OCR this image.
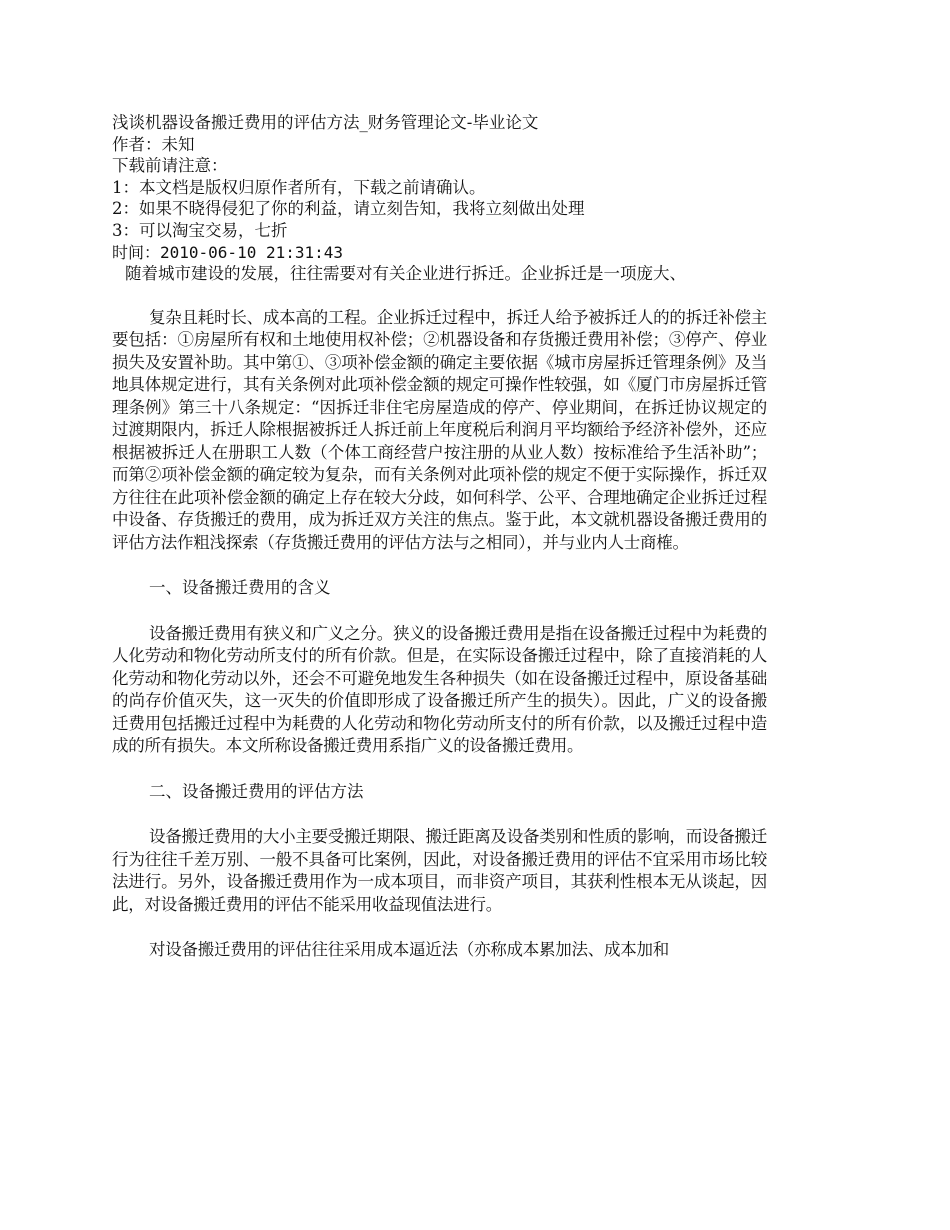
浅谈机器设备搬迁费用的评估方法_财务管理论文-毕业论文

作者：未知

下载前请注意：

1：本文档是版权归原作者所有，下载之前请确认。

2：如果不晓得侵犯了你的利益，请立刻告知，我将立刻做出处理

3：可以淘宝交易，七折

时间：2010-06-10 21:31:43

随着城市建设的发展，往往需要对有关企业进行拆迁。企业拆迁是一项庞大、

复杂且耗时长、成本高的工程。企业拆迁过程中，拆迁人给予被拆迁人的的拆迁补偿主要包括：①房屋所有权和土地使用权补偿；②机器设备和存货搬迁费用补偿；③停产、停业损失及安置补助。其中第①、③项补偿金额的确定主要依据《城市房屋拆迁管理条例》及当地具体规定进行，其有关条例对此项补偿金额的规定可操作性较强，如《厦门市房屋拆迁管理条例》第三十八条规定：“因拆迁非住宅房屋造成的停产、停业期间，在拆迁协议规定的过渡期限内，拆迁人除根据被拆迁人拆迁前上年度税后利润月平均额给予经济补偿外，还应根据被拆迁人在册职工人数（个体工商经营户按注册的从业人数）按标准给予生活补助”；而第②项补偿金额的确定较为复杂，而有关条例对此项补偿的规定不便于实际操作，拆迁双方往往在此项补偿金额的确定上存在较大分歧，如何科学、公平、合理地确定企业拆迁过程中设备、存货搬迁的费用，成为拆迁双方关注的焦点。鉴于此，本文就机器设备搬迁费用的评估方法作粗浅探索（存货搬迁费用的评估方法与之相同），并与业内人士商榷。

一、设备搬迁费用的含义

设备搬迁费用有狭义和广义之分。狭义的设备搬迁费用是指在设备搬迁过程中为耗费的人化劳动和物化劳动所支付的所有价款。但是，在实际设备搬迁过程中，除了直接消耗的人化劳动和物化劳动以外，还会不可避免地发生各种损失（如在设备搬迁过程中，原设备基础的尚存价值灭失，这一灭失的价值即形成了设备搬迁所产生的损失）。因此，广义的设备搬迁费用包括搬迁过程中为耗费的人化劳动和物化劳动所支付的所有价款，以及搬迁过程中造成的所有损失。本文所称设备搬迁费用系指广义的设备搬迁费用。

二、设备搬迁费用的评估方法

设备搬迁费用的大小主要受搬迁期限、搬迁距离及设备类别和性质的影响，而设备搬迁行为往往千差万别、一般不具备可比案例，因此，对设备搬迁费用的评估不宜采用市场比较法进行。另外，设备搬迁费用作为一成本项目，而非资产项目，其获利性根本无从谈起，因此，对设备搬迁费用的评估不能采用收益现值法进行。

对设备搬迁费用的评估往往采用成本逼近法（亦称成本累加法、成本加和
